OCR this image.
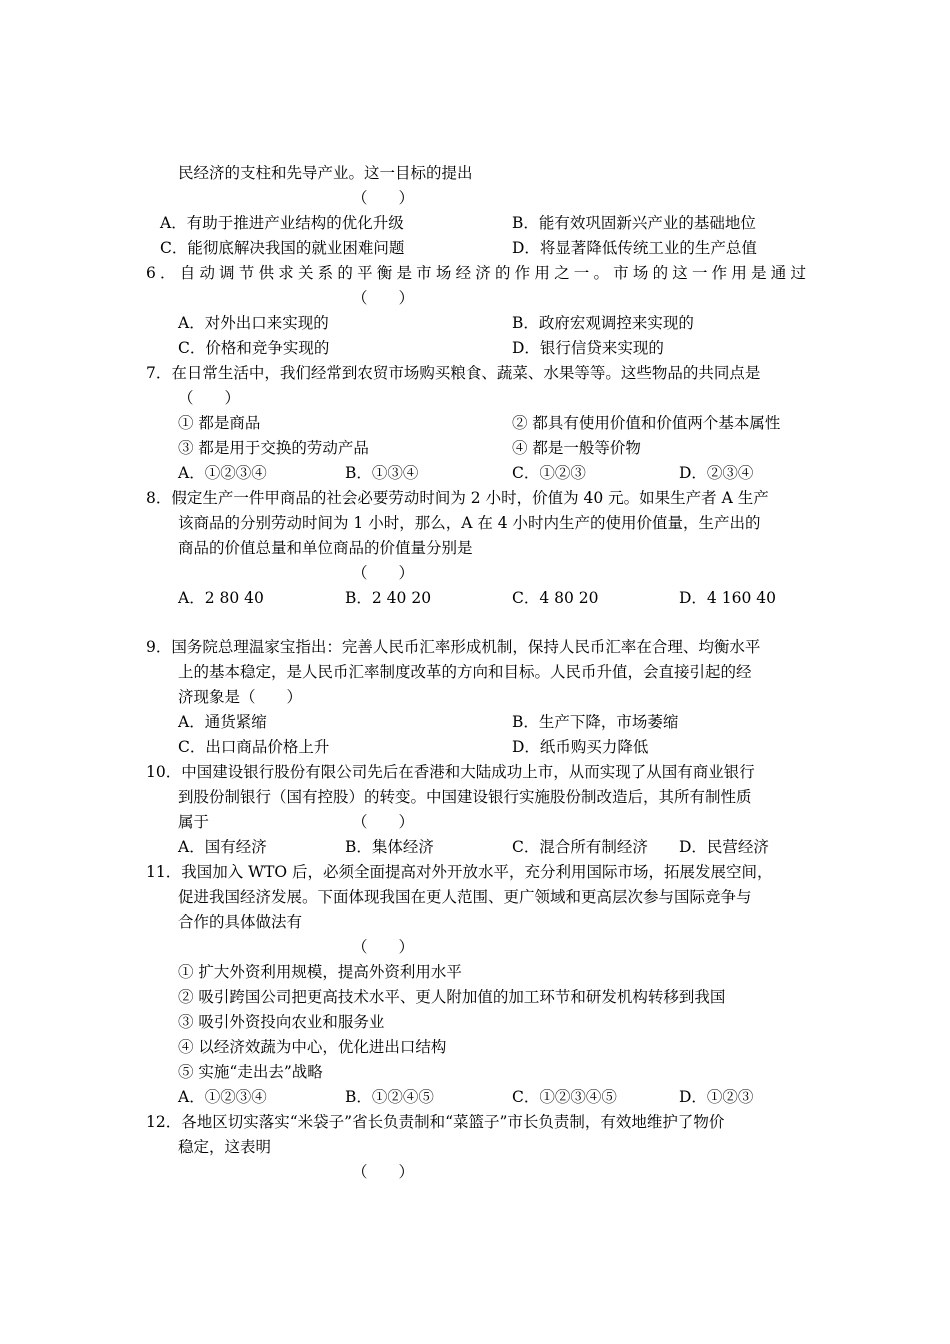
民经济的支柱和先导产业。这一目标的提出
（　　）
A．有助于推进产业结构的优化升级	B．能有效巩固新兴产业的基础地位
C．能彻底解决我国的就业困难问题	D．将显著降低传统工业的生产总值
6．自动调节供求关系的平衡是市场经济的作用之一。市场的这一作用是通过
（　　）
A．对外出口来实现的	B．政府宏观调控来实现的
C．价格和竞争实现的	D．银行信贷来实现的
7．在日常生活中，我们经常到农贸市场购买粮食、蔬菜、水果等等。这些物品的共同点是
（　　）
① 都是商品	② 都具有使用价值和价值两个基本属性
③ 都是用于交换的劳动产品	④ 都是一般等价物
A．①②③④	B．①③④	C．①②③	D．②③④
8．假定生产一件甲商品的社会必要劳动时间为 2 小时，价值为 40 元。如果生产者 A 生产
该商品的分别劳动时间为 1 小时，那么，A 在 4 小时内生产的使用价值量，生产出的
商品的价值总量和单位商品的价值量分别是
（　　）
A．2 80 40	B．2 40 20	C．4 80 20	D．4 160 40
9．国务院总理温家宝指出：完善人民币汇率形成机制，保持人民币汇率在合理、均衡水平
上的基本稳定，是人民币汇率制度改革的方向和目标。人民币升值，会直接引起的经
济现象是（　　）
A．通货紧缩	B．生产下降，市场萎缩
C．出口商品价格上升	D．纸币购买力降低
10．中国建设银行股份有限公司先后在香港和大陆成功上市，从而实现了从国有商业银行
到股份制银行（国有控股）的转变。中国建设银行实施股份制改造后，其所有制性质
属于	（　　）
A．国有经济	B．集体经济	C．混合所有制经济 D．民营经济
11．我国加入 WTO 后，必须全面提高对外开放水平，充分利用国际市场，拓展发展空间，
促进我国经济发展。下面体现我国在更人范围、更广领域和更高层次参与国际竞争与
合作的具体做法有
（　　）
① 扩大外资利用规模，提高外资利用水平
② 吸引跨国公司把更高技术水平、更人附加值的加工环节和研发机构转移到我国
③ 吸引外资投向农业和服务业
④ 以经济效蔬为中心，优化进出口结构
⑤ 实施“走出去”战略
A．①②③④	B．①②④⑤	C．①②③④⑤	D．①②③
12．各地区切实落实“米袋子”省长负责制和“菜篮子”市长负责制，有效地维护了物价
稳定，这表明
（　　）
